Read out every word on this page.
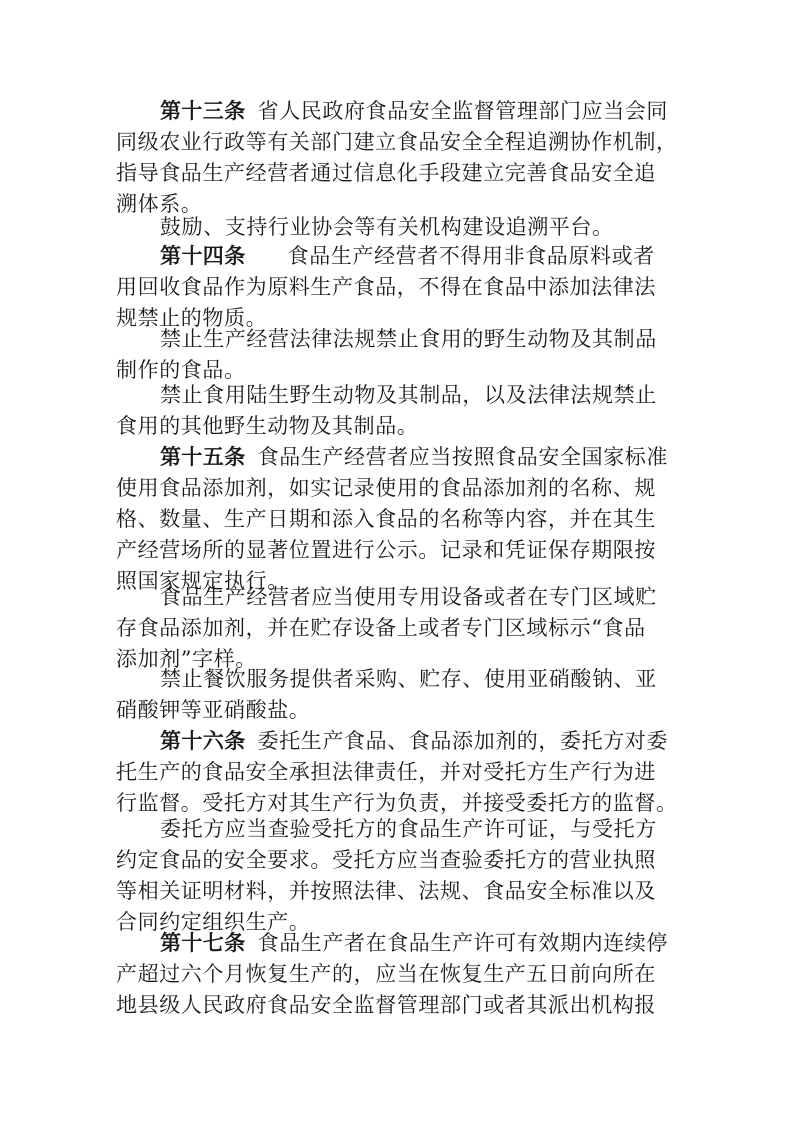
第十三条 省人民政府食品安全监督管理部门应当会同
同级农业行政等有关部门建立食品安全全程追溯协作机制，
指导食品生产经营者通过信息化手段建立完善食品安全追
溯体系。
鼓励、支持行业协会等有关机构建设追溯平台。
第十四条 食品生产经营者不得用非食品原料或者
用回收食品作为原料生产食品，不得在食品中添加法律法
规禁止的物质。
禁止生产经营法律法规禁止食用的野生动物及其制品
制作的食品。
禁止食用陆生野生动物及其制品，以及法律法规禁止
食用的其他野生动物及其制品。
第十五条 食品生产经营者应当按照食品安全国家标准
使用食品添加剂，如实记录使用的食品添加剂的名称、规
格、数量、生产日期和添入食品的名称等内容，并在其生
产经营场所的显著位置进行公示。记录和凭证保存期限按
照国家规定执行。
食品生产经营者应当使用专用设备或者在专门区域贮
存食品添加剂，并在贮存设备上或者专门区域标示“食品
添加剂”字样。
禁止餐饮服务提供者采购、贮存、使用亚硝酸钠、亚
硝酸钾等亚硝酸盐。
第十六条 委托生产食品、食品添加剂的，委托方对委
托生产的食品安全承担法律责任，并对受托方生产行为进
行监督。受托方对其生产行为负责，并接受委托方的监督。
委托方应当查验受托方的食品生产许可证，与受托方
约定食品的安全要求。受托方应当查验委托方的营业执照
等相关证明材料，并按照法律、法规、食品安全标准以及
合同约定组织生产。
第十七条 食品生产者在食品生产许可有效期内连续停
产超过六个月恢复生产的，应当在恢复生产五日前向所在
地县级人民政府食品安全监督管理部门或者其派出机构报
